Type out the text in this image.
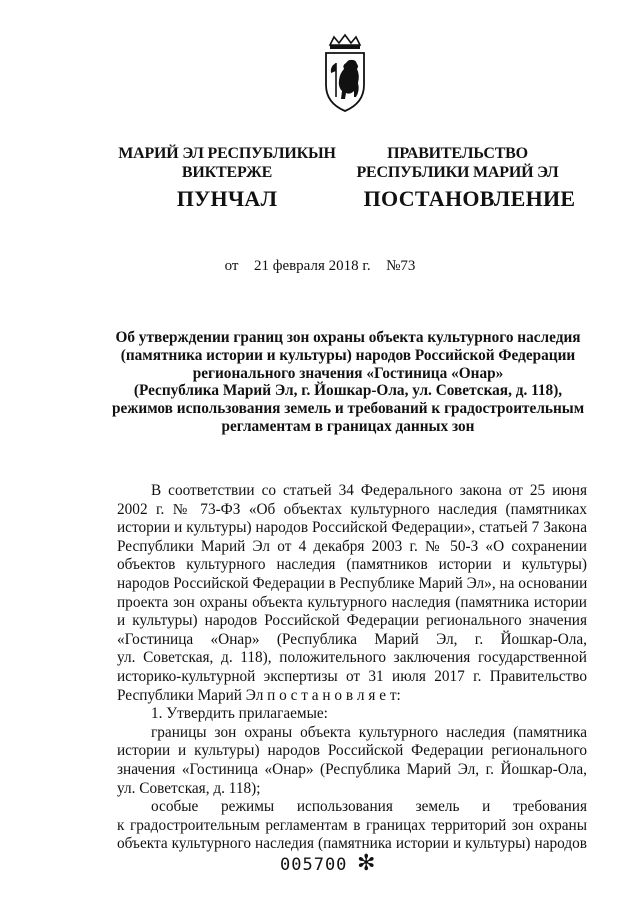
МАРИЙ ЭЛ РЕСПУБЛИКЫН
ВИКТЕРЖЕ
ПРАВИТЕЛЬСТВО
РЕСПУБЛИКИ МАРИЙ ЭЛ
ПУНЧАЛ	ПОСТАНОВЛЕНИЕ
от 21 февраля 2018 г. №73
Об утверждении границ зон охраны объекта культурного наследия
(памятника истории и культуры) народов Российской Федерации
регионального значения «Гостиница «Онар»
(Республика Марий Эл, г. Йошкар-Ола, ул. Советская, д. 118),
режимов использования земель и требований к градостроительным
регламентам в границах данных зон
В соответствии со статьей 34 Федерального закона от 25 июня
2002 г. № 73-ФЗ «Об объектах культурного наследия (памятниках
истории и культуры) народов Российской Федерации», статьей 7 Закона
Республики Марий Эл от 4 декабря 2003 г. № 50-З «О сохранении
объектов культурного наследия (памятников истории и культуры)
народов Российской Федерации в Республике Марий Эл», на основании
проекта зон охраны объекта культурного наследия (памятника истории
и культуры) народов Российской Федерации регионального значения
«Гостиница «Онар» (Республика Марий Эл, г. Йошкар-Ола,
ул. Советская, д. 118), положительного заключения государственной
историко-культурной экспертизы от 31 июля 2017 г. Правительство
Республики Марий Эл п о с т а н о в л я е т:
1. Утвердить прилагаемые:
границы зон охраны объекта культурного наследия (памятника
истории и культуры) народов Российской Федерации регионального
значения «Гостиница «Онар» (Республика Марий Эл, г. Йошкар-Ола,
ул. Советская, д. 118);
особые режимы использования земель и требования
к градостроительным регламентам в границах территорий зон охраны
объекта культурного наследия (памятника истории и культуры) народов
005700 ✻
